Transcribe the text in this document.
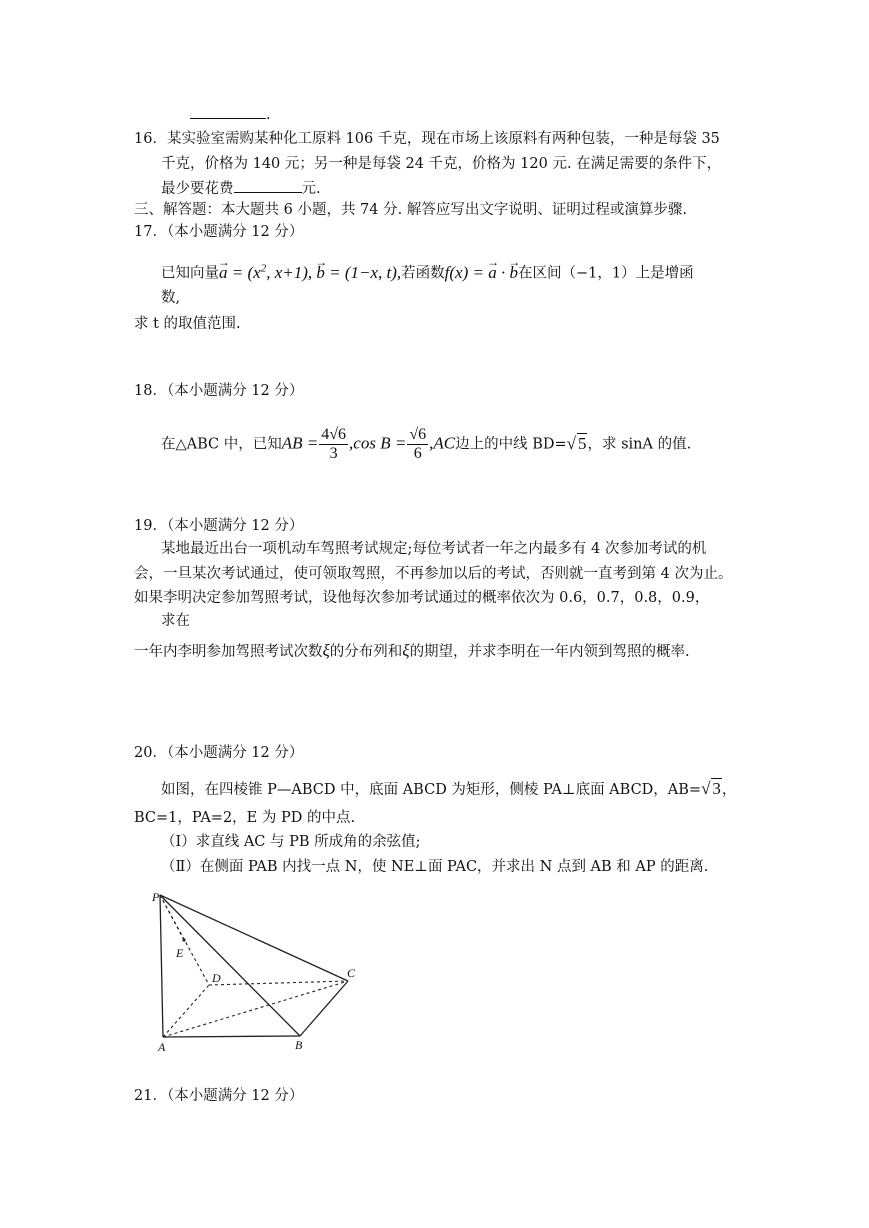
.
16．某实验室需购某种化工原料 106 千克，现在市场上该原料有两种包装，一种是每袋 35
千克，价格为 140 元；另一种是每袋 24 千克，价格为 120 元. 在满足需要的条件下，
最少要花费	元.
三、解答题：本大题共 6 小题，共 74 分. 解答应写出文字说明、证明过程或演算步骤.
17．（本小题满分 12 分）
已知向量→ $a = (x^2$, x+1), → b = (1−x, t),若函数f(x) = → a · → b在区间（−1，1）上是增函
数,
求 t 的取值范围.
18．（本小题满分 12 分）
在△ABC 中，已知AB = $\frac{4√6}{3} ,\cos$ $B = \frac{√6}{6} ,AC$边上的中线 BD=√ 5，求 sinA 的值.
19．（本小题满分 12 分）
某地最近出台一项机动车驾照考试规定;每位考试者一年之内最多有 4 次参加考试的机
会，一旦某次考试通过，使可领取驾照，不再参加以后的考试，否则就一直考到第 4 次为止。
如果李明决定参加驾照考试，设他每次参加考试通过的概率依次为 0.6，0.7，0.8，0.9，
求在
一年内李明参加驾照考试次数ξ的分布列和ξ的期望，并求李明在一年内领到驾照的概率.
20．（本小题满分 12 分）
如图，在四棱锥 P—ABCD 中，底面 ABCD 为矩形，侧棱 PA⊥底面 ABCD，AB=√ 3，
BC=1，PA=2，E 为 PD 的中点.
（Ⅰ）求直线 AC 与 PB 所成角的余弦值;
（Ⅱ）在侧面 PAB 内找一点 N，使 NE⊥面 PAC，并求出 N 点到 AB 和 AP 的距离.
P
E
D	C
A	B
21．（本小题满分 12 分）
